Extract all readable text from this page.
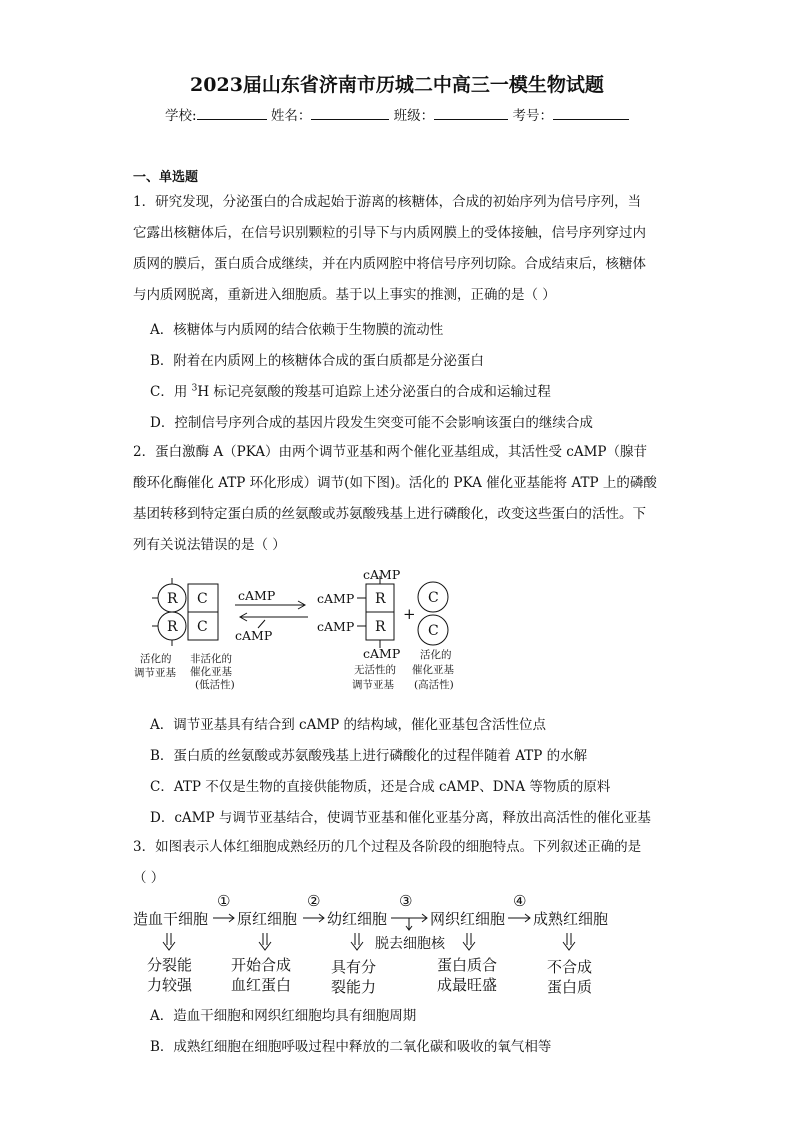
2023届山东省济南市历城二中高三一模生物试题
学校:	姓名：	班级：	考号：
一、单选题
1．研究发现，分泌蛋白的合成起始于游离的核糖体，合成的初始序列为信号序列，当
它露出核糖体后，在信号识别颗粒的引导下与内质网膜上的受体接触，信号序列穿过内
质网的膜后，蛋白质合成继续，并在内质网腔中将信号序列切除。合成结束后，核糖体
与内质网脱离，重新进入细胞质。基于以上事实的推测，正确的是（ ）
A．核糖体与内质网的结合依赖于生物膜的流动性
B．附着在内质网上的核糖体合成的蛋白质都是分泌蛋白
C．用 $^3$H 标记亮氨酸的羧基可追踪上述分泌蛋白的合成和运输过程
D．控制信号序列合成的基因片段发生突变可能不会影响该蛋白的继续合成
2．蛋白激酶 A（PKA）由两个调节亚基和两个催化亚基组成，其活性受 cAMP（腺苷
酸环化酶催化 ATP 环化形成）调节(如下图)。活化的 PKA 催化亚基能将 ATP 上的磷酸
基团转移到特定蛋白质的丝氨酸或苏氨酸残基上进行磷酸化，改变这些蛋白的活性。下
列有关说法错误的是（ ）
R
R
C
C
R
R
C
C
+
cAMP
cAMP
cAMP
cAMP
cAMP
cAMP
活化的
调节亚基
非活化的
催化亚基
(低活性)
无活性的
调节亚基
活化的
催化亚基
(高活性)
A．调节亚基具有结合到 cAMP 的结构域，催化亚基包含活性位点
B．蛋白质的丝氨酸或苏氨酸残基上进行磷酸化的过程伴随着 ATP 的水解
C．ATP 不仅是生物的直接供能物质，还是合成 cAMP、DNA 等物质的原料
D．cAMP 与调节亚基结合，使调节亚基和催化亚基分离，释放出高活性的催化亚基
3．如图表示人体红细胞成熟经历的几个过程及各阶段的细胞特点。下列叙述正确的是
（ ）
造血干细胞 原红细胞 幼红细胞	网织红细胞 成熟红细胞
①	②	③	④
脱去细胞核
分裂能
力较强
开始合成
血红蛋白
具有分
裂能力
蛋白质合
成最旺盛
不合成
蛋白质
A．造血干细胞和网织红细胞均具有细胞周期
B．成熟红细胞在细胞呼吸过程中释放的二氧化碳和吸收的氧气相等
